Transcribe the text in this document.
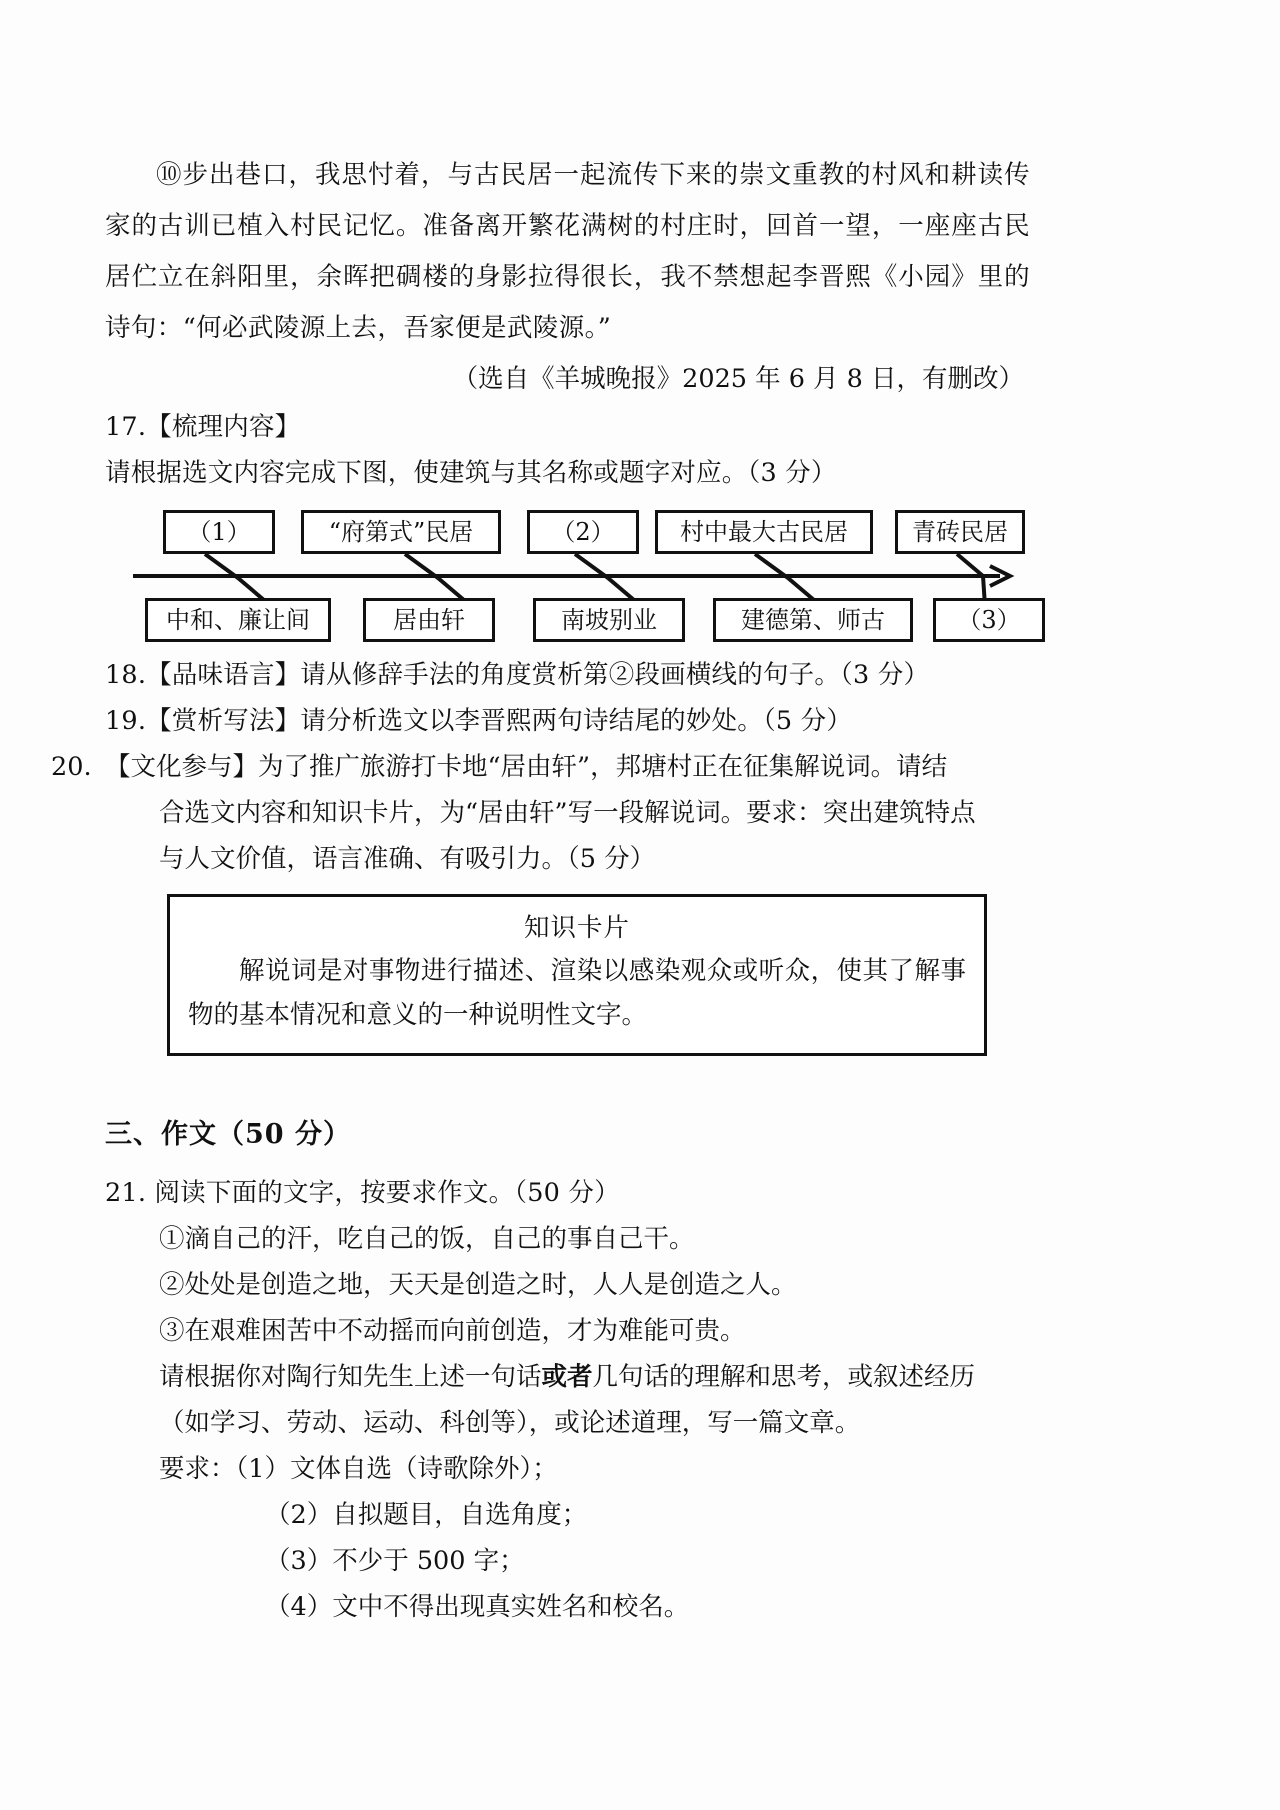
⑩步出巷口，我思忖着，与古民居一起流传下来的崇文重教的村风和耕读传家的古训已植入村民记忆。准备离开繁花满树的村庄时，回首一望，一座座古民居伫立在斜阳里，余晖把碉楼的身影拉得很长，我不禁想起李晋熙《小园》里的诗句：“何必武陵源上去，吾家便是武陵源。”
（选自《羊城晚报》2025 年 6 月 8 日，有删改）
17.【梳理内容】请根据选文内容完成下图，使建筑与其名称或题字对应。（3 分）
（1）	“府第式”民居	（2）	村中最大古民居	青砖民居
中和、廉让间	居由轩	南坡别业	建德第、师古	（3）
18.【品味语言】请从修辞手法的角度赏析第②段画横线的句子。（3 分）
19.【赏析写法】请分析选文以李晋熙两句诗结尾的妙处。（5 分）
20. 【文化参与】为了推广旅游打卡地“居由轩”，邦塘村正在征集解说词。请结
合选文内容和知识卡片，为“居由轩”写一段解说词。要求：突出建筑特点
与人文价值，语言准确、有吸引力。（5 分）
知识卡片
解说词是对事物进行描述、渲染以感染观众或听众，使其了解事物的基本情况和意义的一种说明性文字。
三、作文（50 分）
21. 阅读下面的文字，按要求作文。（50 分）
①滴自己的汗，吃自己的饭，自己的事自己干。
②处处是创造之地，天天是创造之时，人人是创造之人。
③在艰难困苦中不动摇而向前创造，才为难能可贵。
请根据你对陶行知先生上述一句话或者几句话的理解和思考，或叙述经历
（如学习、劳动、运动、科创等），或论述道理，写一篇文章。
要求：（1）文体自选（诗歌除外）；
（2）自拟题目，自选角度；
（3）不少于 500 字；
（4）文中不得出现真实姓名和校名。
